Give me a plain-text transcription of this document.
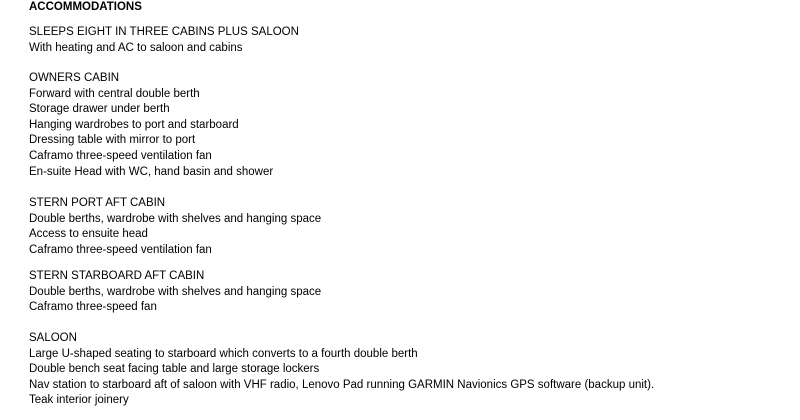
ACCOMMODATIONS
SLEEPS EIGHT IN THREE CABINS PLUS SALOON
With heating and AC to saloon and cabins
OWNERS CABIN
Forward with central double berth
Storage drawer under berth
Hanging wardrobes to port and starboard
Dressing table with mirror to port
Caframo three-speed ventilation fan
En-suite Head with WC, hand basin and shower
STERN PORT AFT CABIN
Double berths, wardrobe with shelves and hanging space
Access to ensuite head
Caframo three-speed ventilation fan
STERN STARBOARD AFT CABIN
Double berths, wardrobe with shelves and hanging space
Caframo three-speed fan
SALOON
Large U-shaped seating to starboard which converts to a fourth double berth
Double bench seat facing table and large storage lockers
Nav station to starboard aft of saloon with VHF radio, Lenovo Pad running GARMIN Navionics GPS software (backup unit).
Teak interior joinery
